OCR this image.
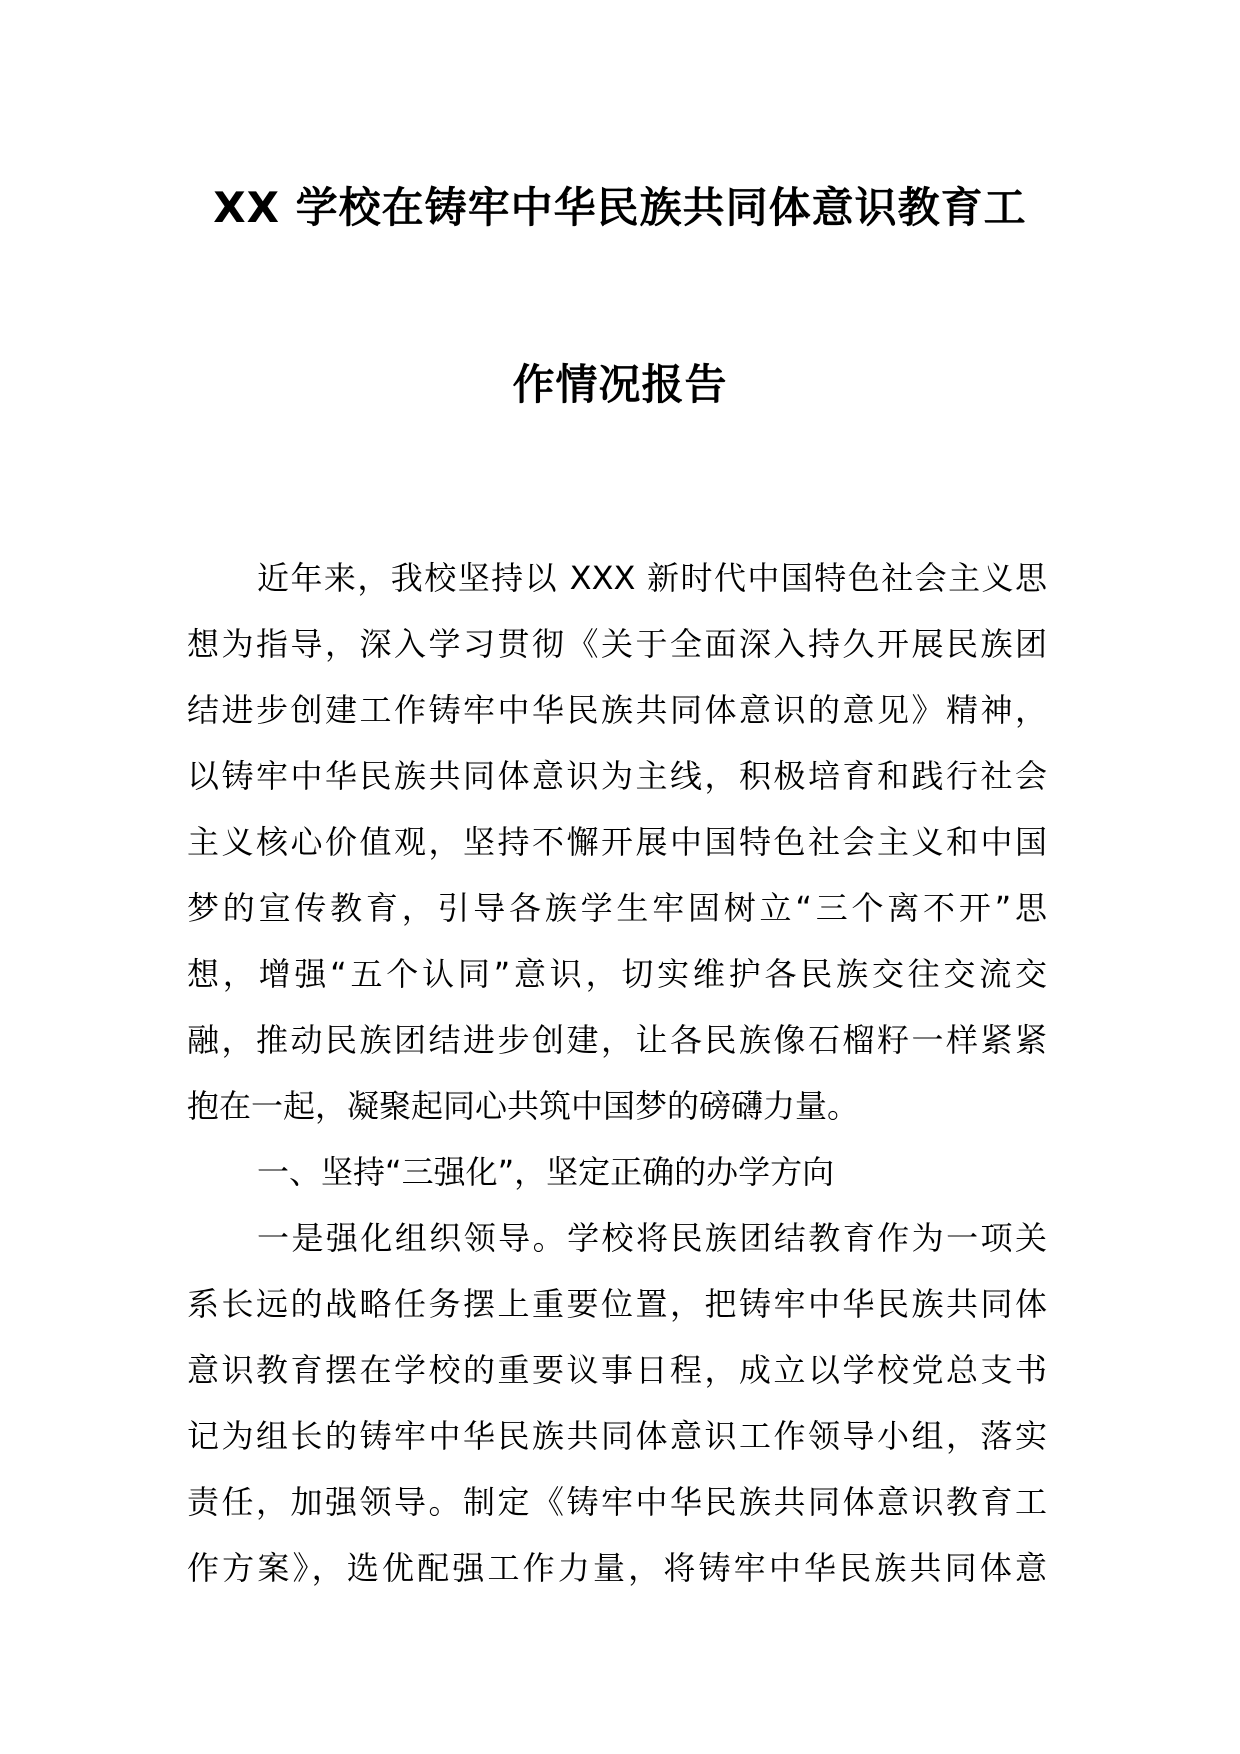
XX 学校在铸牢中华民族共同体意识教育工
作情况报告
近年来，我校坚持以 XXX 新时代中国特色社会主义思
想为指导，深入学习贯彻《关于全面深入持久开展民族团
结进步创建工作铸牢中华民族共同体意识的意见》精神，
以铸牢中华民族共同体意识为主线，积极培育和践行社会
主义核心价值观，坚持不懈开展中国特色社会主义和中国
梦的宣传教育，引导各族学生牢固树立“三个离不开”思
想，增强“五个认同”意识，切实维护各民族交往交流交
融，推动民族团结进步创建，让各民族像石榴籽一样紧紧
抱在一起，凝聚起同心共筑中国梦的磅礴力量。
一、坚持“三强化”，坚定正确的办学方向
一是强化组织领导。学校将民族团结教育作为一项关
系长远的战略任务摆上重要位置，把铸牢中华民族共同体
意识教育摆在学校的重要议事日程，成立以学校党总支书
记为组长的铸牢中华民族共同体意识工作领导小组，落实
责任，加强领导。制定《铸牢中华民族共同体意识教育工
作方案》，选优配强工作力量，将铸牢中华民族共同体意
